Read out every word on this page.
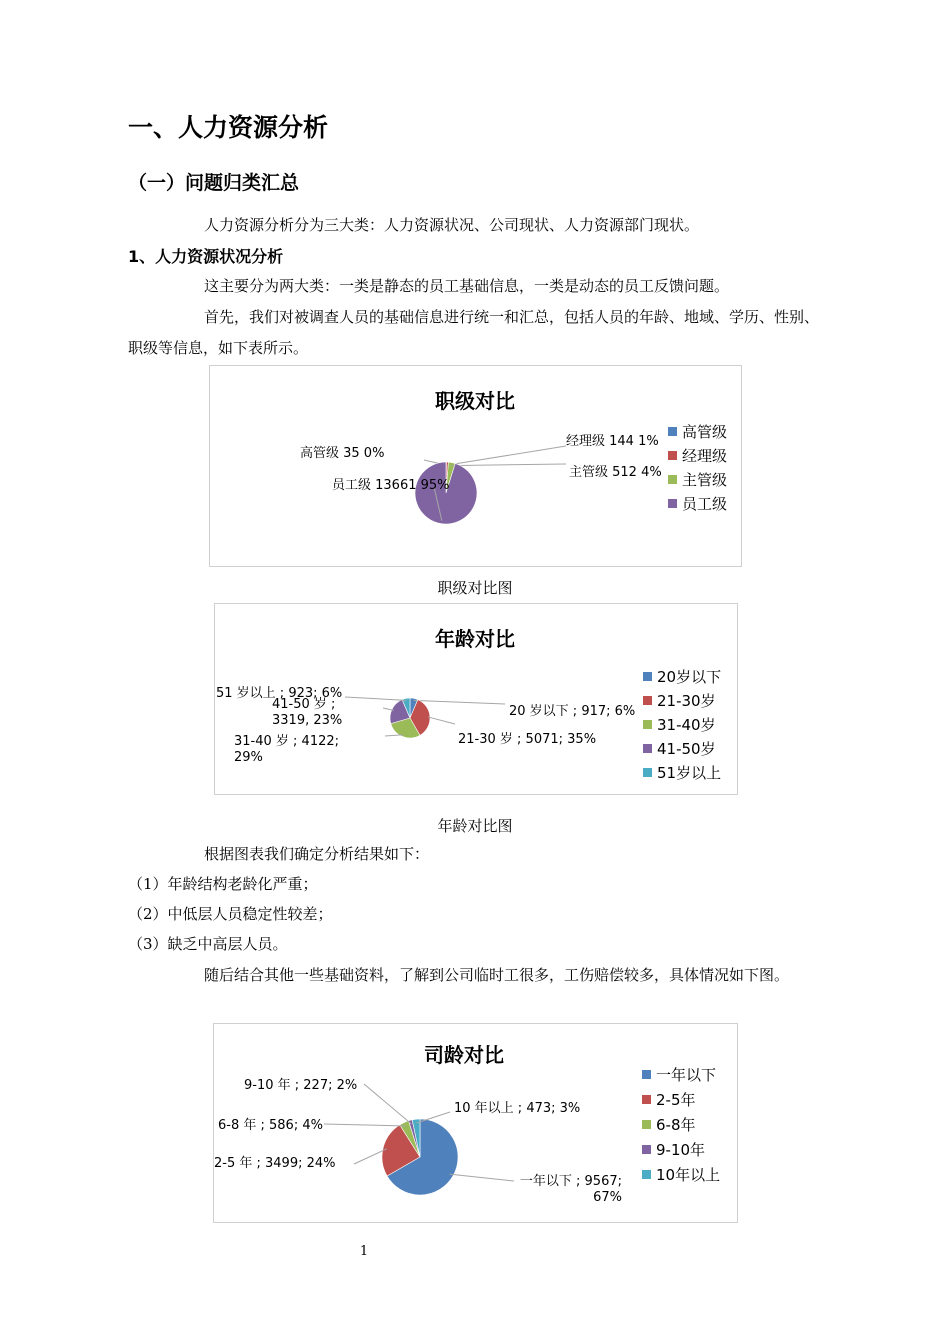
一、人力资源分析
（一）问题归类汇总
人力资源分析分为三大类：人力资源状况、公司现状、人力资源部门现状。
1、人力资源状况分析
这主要分为两大类：一类是静态的员工基础信息，一类是动态的员工反馈问题。
首先，我们对被调查人员的基础信息进行统一和汇总，包括人员的年龄、地域、学历、性别、职级等信息，如下表所示。
职级对比
高管级 35 0%
高管级
经理级 144 1%
经理级
主管级 512 4% 主管级
员工级 13661 95%
员工级
职级对比图
年龄对比
20 岁以下 ; 917; 6%
20岁以下
21-30 岁 ; 5071; 35%
21-30岁
31-40 岁 ; 4122;
29%
31-40岁
41-50 岁 ;
3319, 23%
41-50岁
51 岁以上 ; 923; 6%
51岁以上
年龄对比图
根据图表我们确定分析结果如下：
（1）年龄结构老龄化严重；
（2）中低层人员稳定性较差；
（3）缺乏中高层人员。
随后结合其他一些基础资料，了解到公司临时工很多，工伤赔偿较多，具体情况如下图。
司龄对比
一年以下 ; 9567;
67%
一年以下
2-5 年 ; 3499; 24%
2-5年
6-8 年 ; 586; 4%	6-8年
9-10 年 ; 227; 2%
9-10年
10 年以上 ; 473; 3%
10年以上
1
